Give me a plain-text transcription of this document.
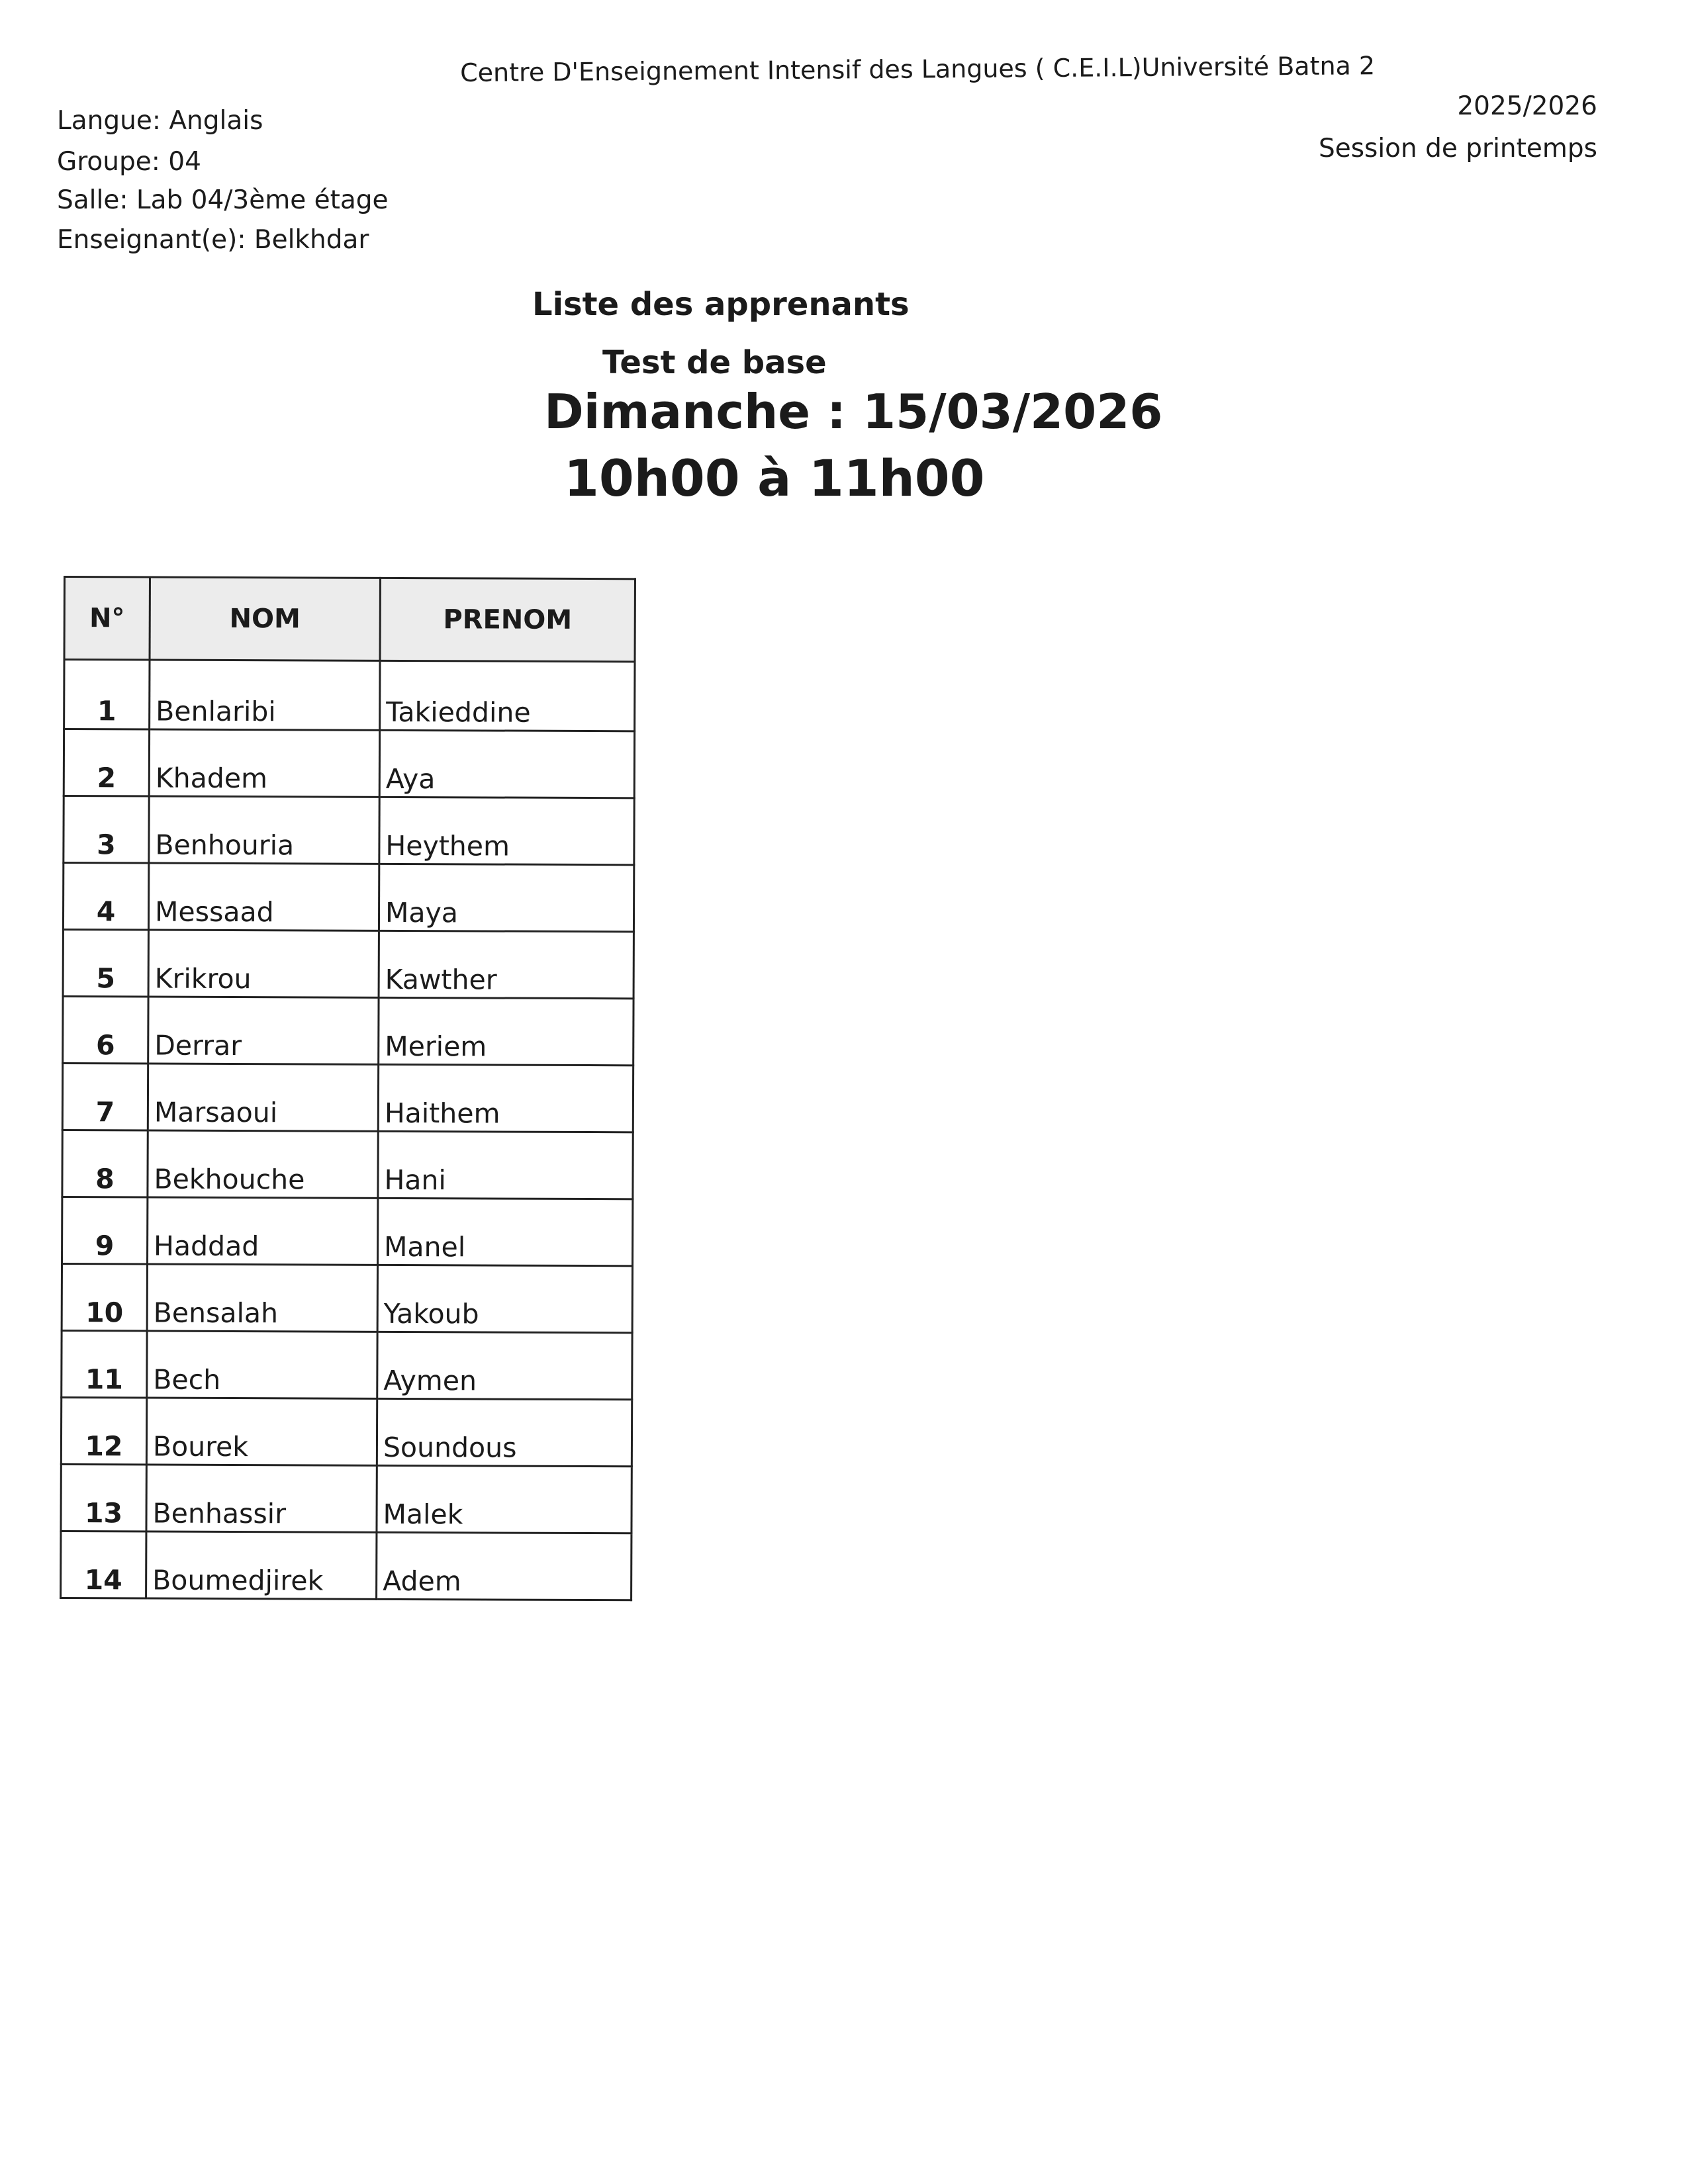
Centre D'Enseignement Intensif des Langues ( C.E.I.L)Université Batna 2
2025/2026
Session de printemps
Langue: Anglais
Groupe: 04
Salle: Lab 04/3ème étage
Enseignant(e): Belkhdar
Liste des apprenants
Test de base
Dimanche : 15/03/2026
10h00 à 11h00
N°	NOM	PRENOM
1	Benlaribi	Takieddine
2	Khadem	Aya
3	Benhouria	Heythem
4	Messaad	Maya
5	Krikrou	Kawther
6	Derrar	Meriem
7	Marsaoui	Haithem
8	Bekhouche	Hani
9	Haddad	Manel
10	Bensalah	Yakoub
11	Bech	Aymen
12	Bourek	Soundous
13	Benhassir	Malek
14	Boumedjirek	Adem
